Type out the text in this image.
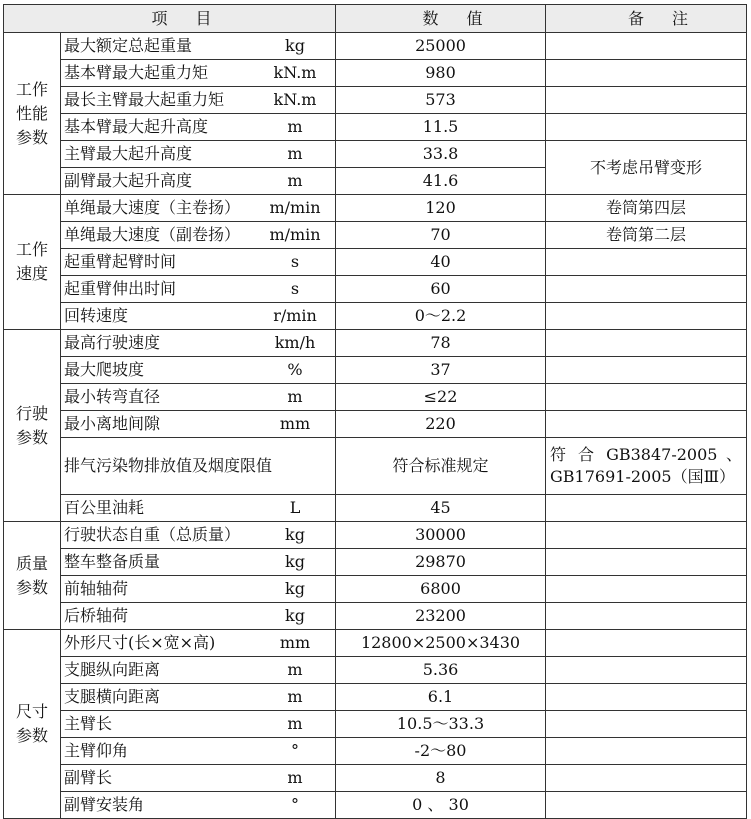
项 目		数 值	备 注
工作性能参数	最大额定总起重量 kg	25000	

	基本臂最大起重力矩 kN.m	980	

	最长主臂最大起重力矩 kN.m	573	

	基本臂最大起升高度 m	11.5	

	主臂最大起升高度 m	33.8	不考虑吊臂变形

	副臂最大起升高度 m	41.6	
工作速度	单绳最大速度（主卷扬） m/min	120	卷筒第四层

	单绳最大速度（副卷扬） m/min	70	卷筒第二层

	起重臂起臂时间 s	40	

	起重臂伸出时间 s	60	

	回转速度 r/min	0～2.2	
行驶参数	最高行驶速度 km/h	78	

	最大爬坡度 %	37	

	最小转弯直径 m	≤22	

	最小离地间隙 mm	220	

	排气污染物排放值及烟度限值	符合标准规定	符 合 GB3847-2005 、GB17691-2005（国Ⅲ）

	百公里油耗 L	45	
质量参数	行驶状态自重（总质量） kg	30000	

	整车整备质量 kg	29870	

	前轴轴荷 kg	6800	

	后桥轴荷 kg	23200	
尺寸参数	外形尺寸(长×宽×高) mm	12800×2500×3430	

	支腿纵向距离 m	5.36	

	支腿横向距离 m	6.1	

	主臂长 m	10.5～33.3	

	主臂仰角 °	-2～80	

	副臂长 m	8	

	副臂安装角 °	0 、 30	
